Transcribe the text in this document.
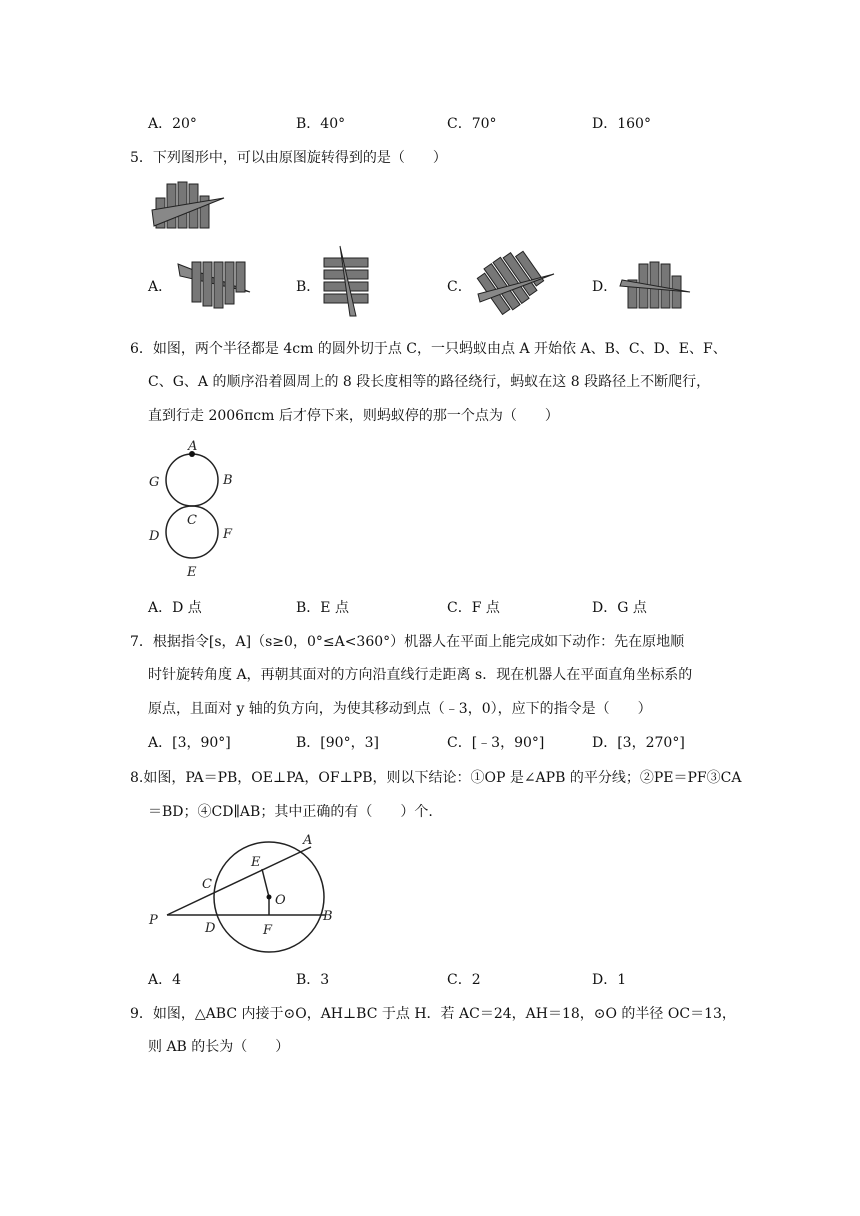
A．20°	B．40°	C．70°	D．160°
5．下列图形中，可以由原图旋转得到的是（　　）
A．	B．	C．	D．
6．如图，两个半径都是 4cm 的圆外切于点 C，一只蚂蚁由点 A 开始依 A、B、C、D、E、F、
C、G、A 的顺序沿着圆周上的 8 段长度相等的路径绕行，蚂蚁在这 8 段路径上不断爬行，
直到行走 2006πcm 后才停下来，则蚂蚁停的那一个点为（　　）
A
B
C
D
E
F
G
A．D 点	B．E 点	C．F 点	D．G 点
7．根据指令[s，A]（s≥0，0°≤A<360°）机器人在平面上能完成如下动作：先在原地顺
时针旋转角度 A，再朝其面对的方向沿直线行走距离 s．现在机器人在平面直角坐标系的
原点，且面对 y 轴的负方向，为使其移动到点（﹣3，0），应下的指令是（　　）
A．[3，90°]	B．[90°，3]	C．[﹣3，90°]	D．[3，270°]
8.如图，PA＝PB，OE⊥PA，OF⊥PB，则以下结论：①OP 是∠APB 的平分线；②PE＝PF③CA
＝BD；④CD∥AB；其中正确的有（　　）个.
A
E
C
O
P
D	F
B
A．4	B．3	C．2	D．1
9．如图，△ABC 内接于⊙O，AH⊥BC 于点 H．若 AC＝24，AH＝18，⊙O 的半径 OC＝13，
则 AB 的长为（　　）
